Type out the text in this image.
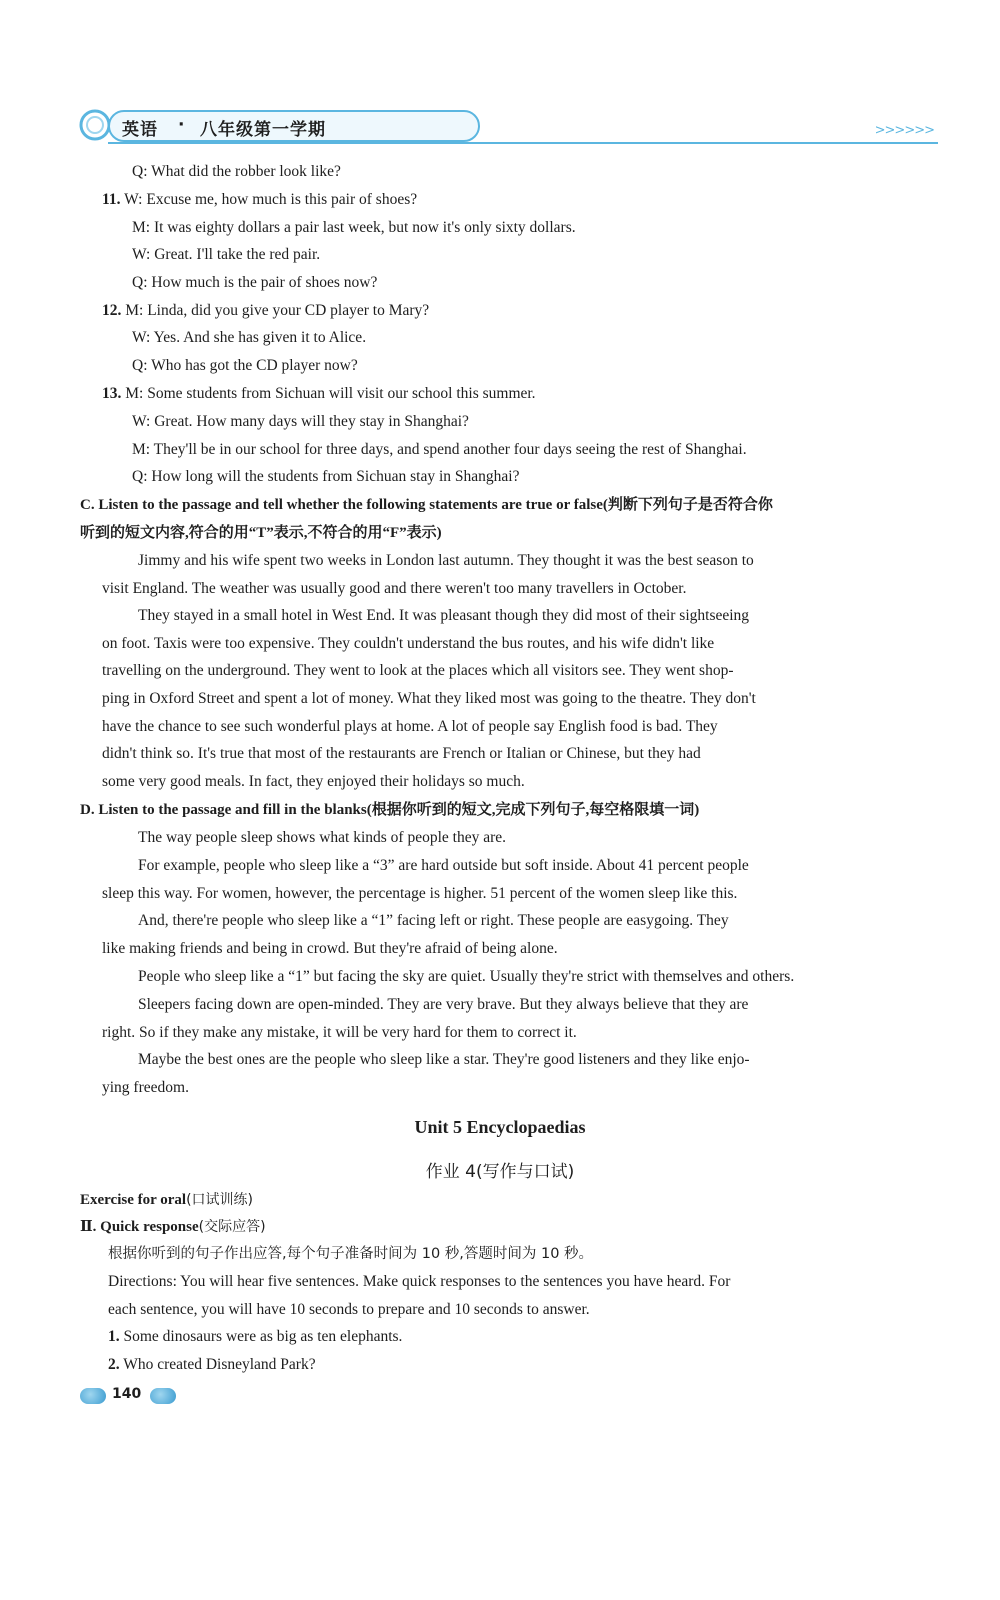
英语 · 八年级第一学期	>>>>>>
Q: What did the robber look like?
11. W: Excuse me, how much is this pair of shoes?
M: It was eighty dollars a pair last week, but now it's only sixty dollars.
W: Great. I'll take the red pair.
Q: How much is the pair of shoes now?
12. M: Linda, did you give your CD player to Mary?
W: Yes. And she has given it to Alice.
Q: Who has got the CD player now?
13. M: Some students from Sichuan will visit our school this summer.
W: Great. How many days will they stay in Shanghai?
M: They'll be in our school for three days, and spend another four days seeing the rest of Shanghai.
Q: How long will the students from Sichuan stay in Shanghai?
C. Listen to the passage and tell whether the following statements are true or false(判断下列句子是否符合你
听到的短文内容,符合的用“T”表示,不符合的用“F”表示)
Jimmy and his wife spent two weeks in London last autumn. They thought it was the best season to
visit England. The weather was usually good and there weren't too many travellers in October.
They stayed in a small hotel in West End. It was pleasant though they did most of their sightseeing
on foot. Taxis were too expensive. They couldn't understand the bus routes, and his wife didn't like
travelling on the underground. They went to look at the places which all visitors see. They went shop-
ping in Oxford Street and spent a lot of money. What they liked most was going to the theatre. They don't
have the chance to see such wonderful plays at home. A lot of people say English food is bad. They
didn't think so. It's true that most of the restaurants are French or Italian or Chinese, but they had
some very good meals. In fact, they enjoyed their holidays so much.
D. Listen to the passage and fill in the blanks(根据你听到的短文,完成下列句子,每空格限填一词)
The way people sleep shows what kinds of people they are.
For example, people who sleep like a “3” are hard outside but soft inside. About 41 percent people
sleep this way. For women, however, the percentage is higher. 51 percent of the women sleep like this.
And, there're people who sleep like a “1” facing left or right. These people are easygoing. They
like making friends and being in crowd. But they're afraid of being alone.
People who sleep like a “1” but facing the sky are quiet. Usually they're strict with themselves and others.
Sleepers facing down are open-minded. They are very brave. But they always believe that they are
right. So if they make any mistake, it will be very hard for them to correct it.
Maybe the best ones are the people who sleep like a star. They're good listeners and they like enjo-
ying freedom.
Unit 5 Encyclopaedias
作业 4(写作与口试)
Exercise for oral(口试训练)
Ⅱ. Quick response(交际应答)
根据你听到的句子作出应答,每个句子准备时间为 10 秒,答题时间为 10 秒。
Directions: You will hear five sentences. Make quick responses to the sentences you have heard. For
each sentence, you will have 10 seconds to prepare and 10 seconds to answer.
1. Some dinosaurs were as big as ten elephants.
2. Who created Disneyland Park?
140
